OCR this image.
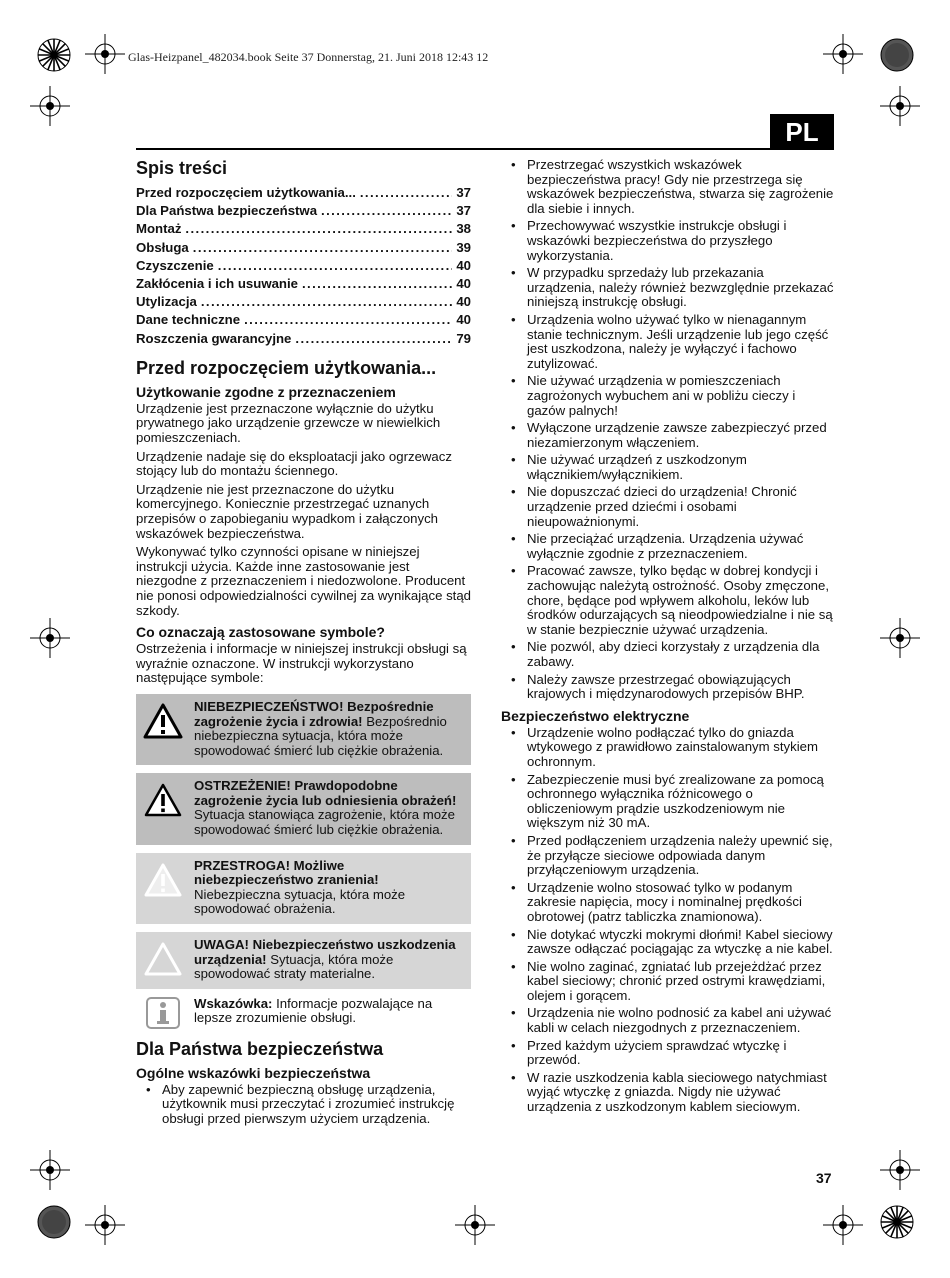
Glas-Heizpanel_482034.book Seite 37 Donnerstag, 21. Juni 2018 12:43 12
PL
Spis treści
Przed rozpoczęciem użytkowania... .....	37
Dla Państwa bezpieczeństwa .....	37
Montaż .....	38
Obsługa .....	39
Czyszczenie .....	40
Zakłócenia i ich usuwanie .....	40
Utylizacja .....	40
Dane techniczne .....	40
Roszczenia gwarancyjne .....	79
Przed rozpoczęciem użytkowania...
Użytkowanie zgodne z przeznaczeniem

Urządzenie jest przeznaczone wyłącznie do użytku prywatnego jako urządzenie grzewcze w niewielkich pomieszczeniach.

Urządzenie nadaje się do eksploatacji jako ogrzewacz stojący lub do montażu ściennego.

Urządzenie nie jest przeznaczone do użytku komercyjnego. Koniecznie przestrzegać uznanych przepisów o zapobieganiu wypadkom i załączonych wskazówek bezpieczeństwa.

Wykonywać tylko czynności opisane w niniejszej instrukcji użycia. Każde inne zastosowanie jest niezgodne z przeznaczeniem i niedozwolone. Producent nie ponosi odpowiedzialności cywilnej za wynikające stąd szkody.

Co oznaczają zastosowane symbole?

Ostrzeżenia i informacje w niniejszej instrukcji obsługi są wyraźnie oznaczone. W instrukcji wykorzystano następujące symbole:

NIEBEZPIECZEŃSTWO! Bezpośrednie zagrożenie życia i zdrowia! Bezpośrednio niebezpieczna sytuacja, która może spowodować śmierć lub ciężkie obrażenia.
OSTRZEŻENIE! Prawdopodobne zagrożenie życia lub odniesienia obrażeń! Sytuacja stanowiąca zagrożenie, która może spowodować śmierć lub ciężkie obrażenia.
PRZESTROGA! Możliwe niebezpieczeństwo zranienia! Niebezpieczna sytuacja, która może spowodować obrażenia.
UWAGA! Niebezpieczeństwo uszkodzenia urządzenia! Sytuacja, która może spowodować straty materialne.
Wskazówka: Informacje pozwalające na lepsze zrozumienie obsługi.
Dla Państwa bezpieczeństwa
Ogólne wskazówki bezpieczeństwa
• Aby zapewnić bezpieczną obsługę urządzenia, użytkownik musi przeczytać i zrozumieć instrukcję obsługi przed pierwszym użyciem urządzenia.
• Przestrzegać wszystkich wskazówek bezpieczeństwa pracy! Gdy nie przestrzega się wskazówek bezpieczeństwa, stwarza się zagrożenie dla siebie i innych.
• Przechowywać wszystkie instrukcje obsługi i wskazówki bezpieczeństwa do przyszłego wykorzystania.
• W przypadku sprzedaży lub przekazania urządzenia, należy również bezwzględnie przekazać niniejszą instrukcję obsługi.
• Urządzenia wolno używać tylko w nienagannym stanie technicznym. Jeśli urządzenie lub jego część jest uszkodzona, należy je wyłączyć i fachowo zutylizować.
• Nie używać urządzenia w pomieszczeniach zagrożonych wybuchem ani w pobliżu cieczy i gazów palnych!
• Wyłączone urządzenie zawsze zabezpieczyć przed niezamierzonym włączeniem.
• Nie używać urządzeń z uszkodzonym włącznikiem/wyłącznikiem.
• Nie dopuszczać dzieci do urządzenia! Chronić urządzenie przed dziećmi i osobami nieupoważnionymi.
• Nie przeciążać urządzenia. Urządzenia używać wyłącznie zgodnie z przeznaczeniem.
• Pracować zawsze, tylko będąc w dobrej kondycji i zachowując należytą ostrożność. Osoby zmęczone, chore, będące pod wpływem alkoholu, leków lub środków odurzających są nieodpowiedzialne i nie są w stanie bezpiecznie używać urządzenia.
• Nie pozwól, aby dzieci korzystały z urządzenia dla zabawy.
• Należy zawsze przestrzegać obowiązujących krajowych i międzynarodowych przepisów BHP.
Bezpieczeństwo elektryczne
• Urządzenie wolno podłączać tylko do gniazda wtykowego z prawidłowo zainstalowanym stykiem ochronnym.
• Zabezpieczenie musi być zrealizowane za pomocą ochronnego wyłącznika różnicowego o obliczeniowym prądzie uszkodzeniowym nie większym niż 30 mA.
• Przed podłączeniem urządzenia należy upewnić się, że przyłącze sieciowe odpowiada danym przyłączeniowym urządzenia.
• Urządzenie wolno stosować tylko w podanym zakresie napięcia, mocy i nominalnej prędkości obrotowej (patrz tabliczka znamionowa).
• Nie dotykać wtyczki mokrymi dłońmi! Kabel sieciowy zawsze odłączać pociągając za wtyczkę a nie kabel.
• Nie wolno zaginać, zgniatać lub przejeżdżać przez kabel sieciowy; chronić przed ostrymi krawędziami, olejem i gorącem.
• Urządzenia nie wolno podnosić za kabel ani używać kabli w celach niezgodnych z przeznaczeniem.
• Przed każdym użyciem sprawdzać wtyczkę i przewód.
• W razie uszkodzenia kabla sieciowego natychmiast wyjąć wtyczkę z gniazda. Nigdy nie używać urządzenia z uszkodzonym kablem sieciowym.
37
